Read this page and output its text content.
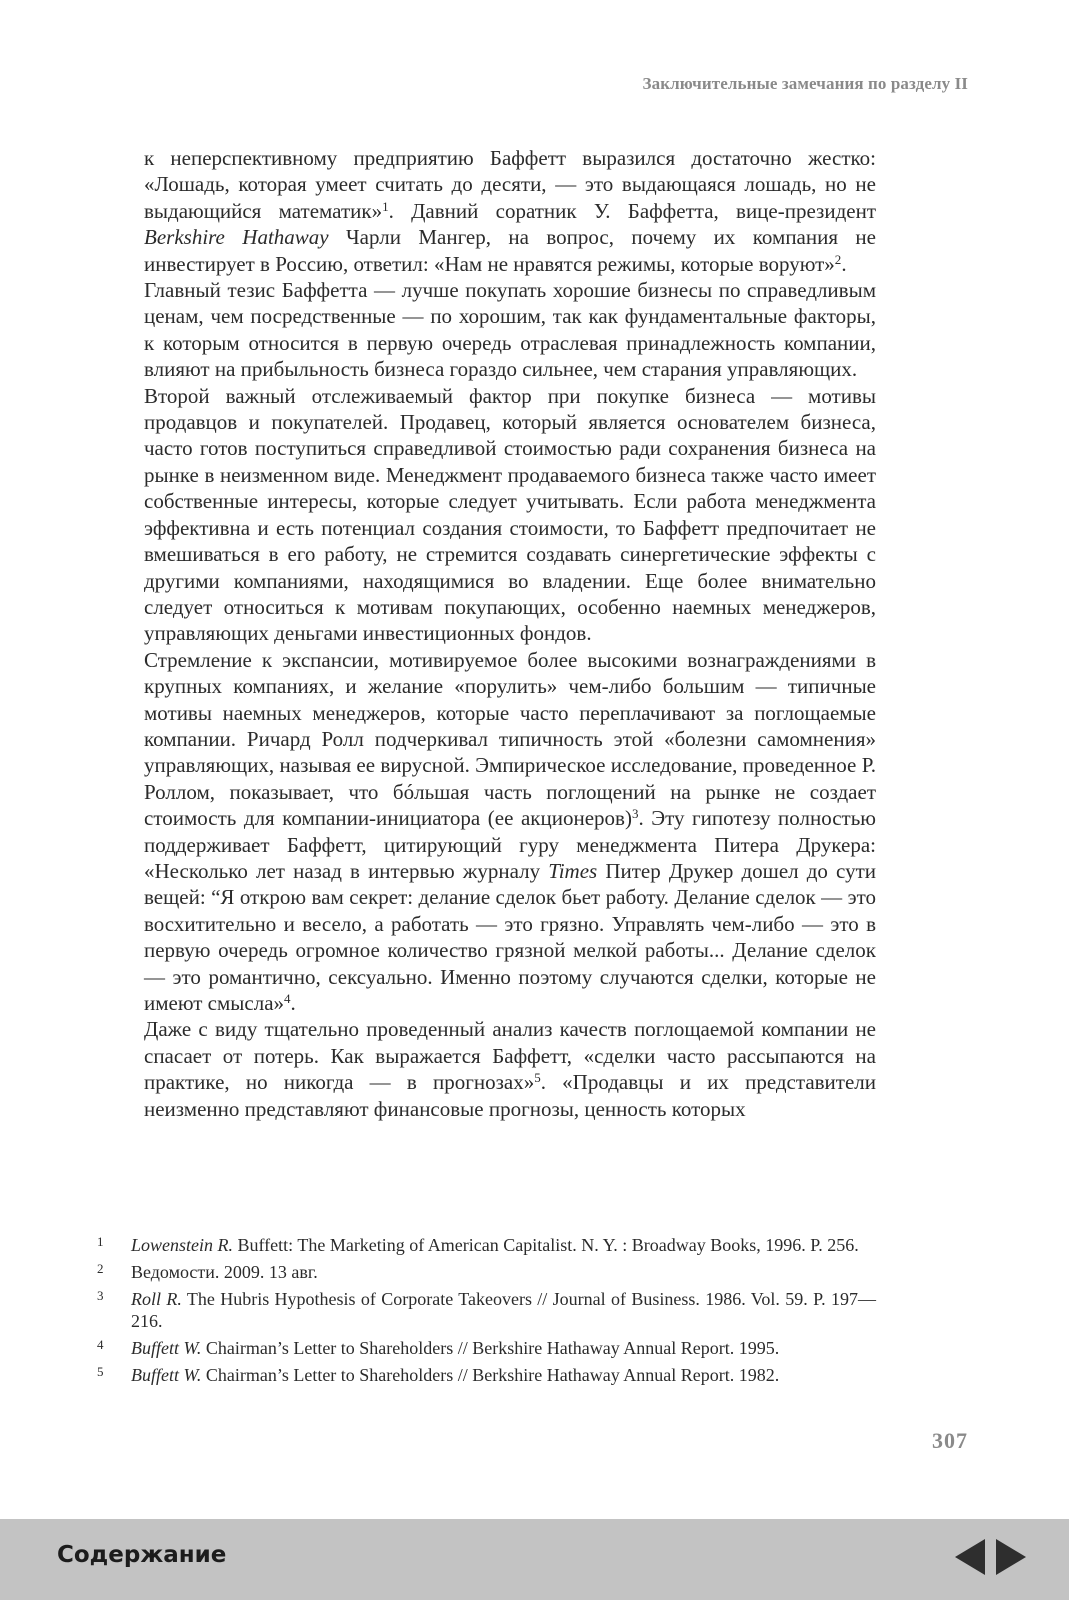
Заключительные замечания по разделу II

к неперспективному предприятию Баффетт выразился достаточно жестко: «Лошадь, которая умеет считать до десяти, — это выдающаяся лошадь, но не выдающийся математик»$^1$. Давний соратник У. Баффетта, вице-президент Berkshire Hathaway Чарли Мангер, на вопрос, почему их компания не инвестирует в Россию, ответил: «Нам не нравятся режимы, которые воруют»$^2$.

Главный тезис Баффетта — лучше покупать хорошие бизнесы по справедливым ценам, чем посредственные — по хорошим, так как фундаментальные факторы, к которым относится в первую очередь отраслевая принадлежность компании, влияют на прибыльность бизнеса гораздо сильнее, чем старания управляющих.

Второй важный отслеживаемый фактор при покупке бизнеса — мотивы продавцов и покупателей. Продавец, который является основателем бизнеса, часто готов поступиться справедливой стоимостью ради сохранения бизнеса на рынке в неизменном виде. Менеджмент продаваемого бизнеса также часто имеет собственные интересы, которые следует учитывать. Если работа менеджмента эффективна и есть потенциал создания стоимости, то Баффетт предпочитает не вмешиваться в его работу, не стремится создавать синергетические эффекты с другими компаниями, находящимися во владении. Еще более внимательно следует относиться к мотивам покупающих, особенно наемных менеджеров, управляющих деньгами инвестиционных фондов.

Стремление к экспансии, мотивируемое более высокими вознаграждениями в крупных компаниях, и желание «порулить» чем-либо большим — типичные мотивы наемных менеджеров, которые часто переплачивают за поглощаемые компании. Ричард Ролл подчеркивал типичность этой «болезни самомнения» управляющих, называя ее вирусной. Эмпирическое исследование, проведенное Р. Роллом, показывает, что бóльшая часть поглощений на рынке не создает стоимость для компании-инициатора (ее акционеров)$^3$. Эту гипотезу полностью поддерживает Баффетт, цитирующий гуру менеджмента Питера Друкера: «Несколько лет назад в интервью журналу Times Питер Друкер дошел до сути вещей: “Я открою вам секрет: делание сделок бьет работу. Делание сделок — это восхитительно и весело, а работать — это грязно. Управлять чем-либо — это в первую очередь огромное количество грязной мелкой работы... Делание сделок — это романтично, сексуально. Именно поэтому случаются сделки, которые не имеют смысла»$^4$.

Даже с виду тщательно проведенный анализ качеств поглощаемой компании не спасает от потерь. Как выражается Баффетт, «сделки часто рассыпаются на практике, но никогда — в прогнозах»$^5$. «Продавцы и их представители неизменно представляют финансовые прогнозы, ценность которых

1 Lowenstein R. Buffett: The Marketing of American Capitalist. N. Y. : Broadway Books, 1996. P. 256.
2 Ведомости. 2009. 13 авг.
3 Roll R. The Hubris Hypothesis of Corporate Takeovers // Journal of Business. 1986. Vol. 59. P. 197—216.
4 Buffett W. Chairman’s Letter to Shareholders // Berkshire Hathaway Annual Report. 1995.
5 Buffett W. Chairman’s Letter to Shareholders // Berkshire Hathaway Annual Report. 1982.
307
Содержание
